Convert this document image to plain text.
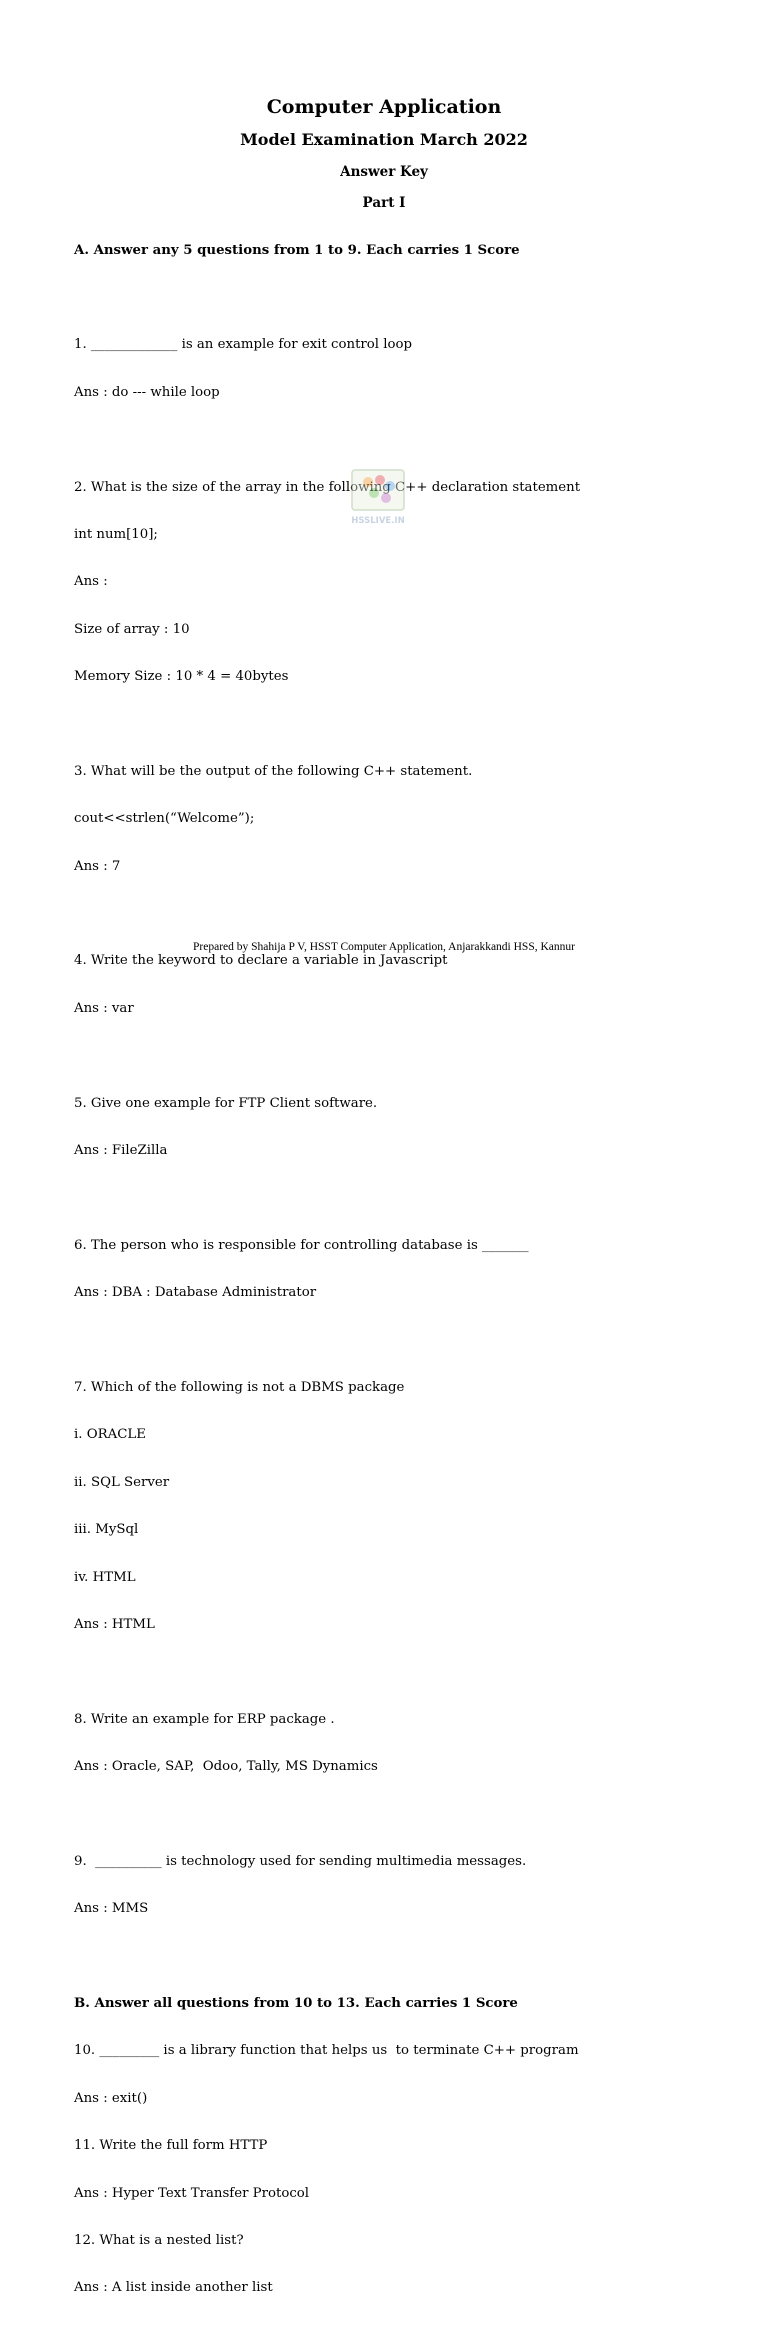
Computer Application
Model Examination March 2022
Answer Key
Part I

A. Answer any 5 questions from 1 to 9. Each carries 1 Score

1. _____________ is an example for exit control loop

Ans : do --- while loop

2. What is the size of the array in the following C++ declaration statement

int num[10];

Ans :

Size of array : 10

Memory Size : 10 * 4 = 40bytes

3. What will be the output of the following C++ statement.

cout<<strlen(“Welcome”);

Ans : 7

4. Write the keyword to declare a variable in Javascript

Ans : var

5. Give one example for FTP Client software.

Ans : FileZilla

6. The person who is responsible for controlling database is _______

Ans : DBA : Database Administrator

7. Which of the following is not a DBMS package

i. ORACLE

ii. SQL Server

iii. MySql

iv. HTML

Ans : HTML

8. Write an example for ERP package .

Ans : Oracle, SAP,  Odoo, Tally, MS Dynamics

9.  __________ is technology used for sending multimedia messages.

Ans : MMS

B. Answer all questions from 10 to 13. Each carries 1 Score

10. _________ is a library function that helps us  to terminate C++ program

Ans : exit()

11. Write the full form HTTP

Ans : Hyper Text Transfer Protocol

12. What is a nested list?

Ans : A list inside another list

HSSLIVE.IN
Prepared by Shahija P V, HSST Computer Application, Anjarakkandi HSS, Kannur
